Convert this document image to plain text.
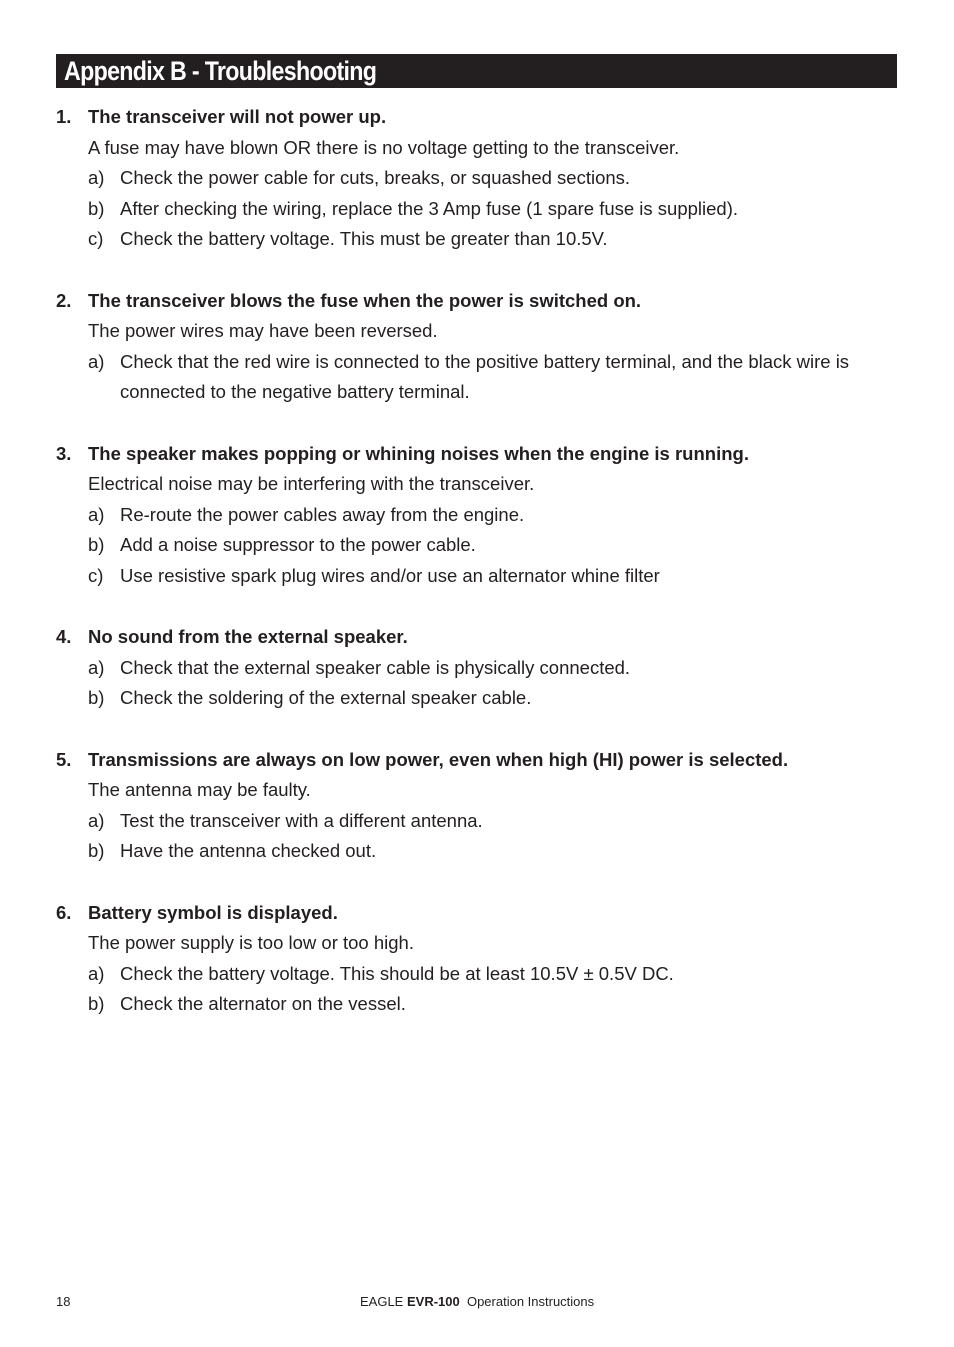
Appendix B - Troubleshooting
1. The transceiver will not power up.
A fuse may have blown OR there is no voltage getting to the transceiver.
a) Check the power cable for cuts, breaks, or squashed sections.
b) After checking the wiring, replace the 3 Amp fuse (1 spare fuse is supplied).
c) Check the battery voltage. This must be greater than 10.5V.
2. The transceiver blows the fuse when the power is switched on.
The power wires may have been reversed.
a) Check that the red wire is connected to the positive battery terminal, and the black wire is connected to the negative battery terminal.
3. The speaker makes popping or whining noises when the engine is running.
Electrical noise may be interfering with the transceiver.
a) Re-route the power cables away from the engine.
b) Add a noise suppressor to the power cable.
c) Use resistive spark plug wires and/or use an alternator whine filter
4. No sound from the external speaker.
a) Check that the external speaker cable is physically connected.
b) Check the soldering of the external speaker cable.
5. Transmissions are always on low power, even when high (HI) power is selected.
The antenna may be faulty.
a) Test the transceiver with a different antenna.
b) Have the antenna checked out.
6. Battery symbol is displayed.
The power supply is too low or too high.
a) Check the battery voltage. This should be at least 10.5V ± 0.5V DC.
b) Check the alternator on the vessel.
18	EAGLE EVR-100 Operation Instructions
